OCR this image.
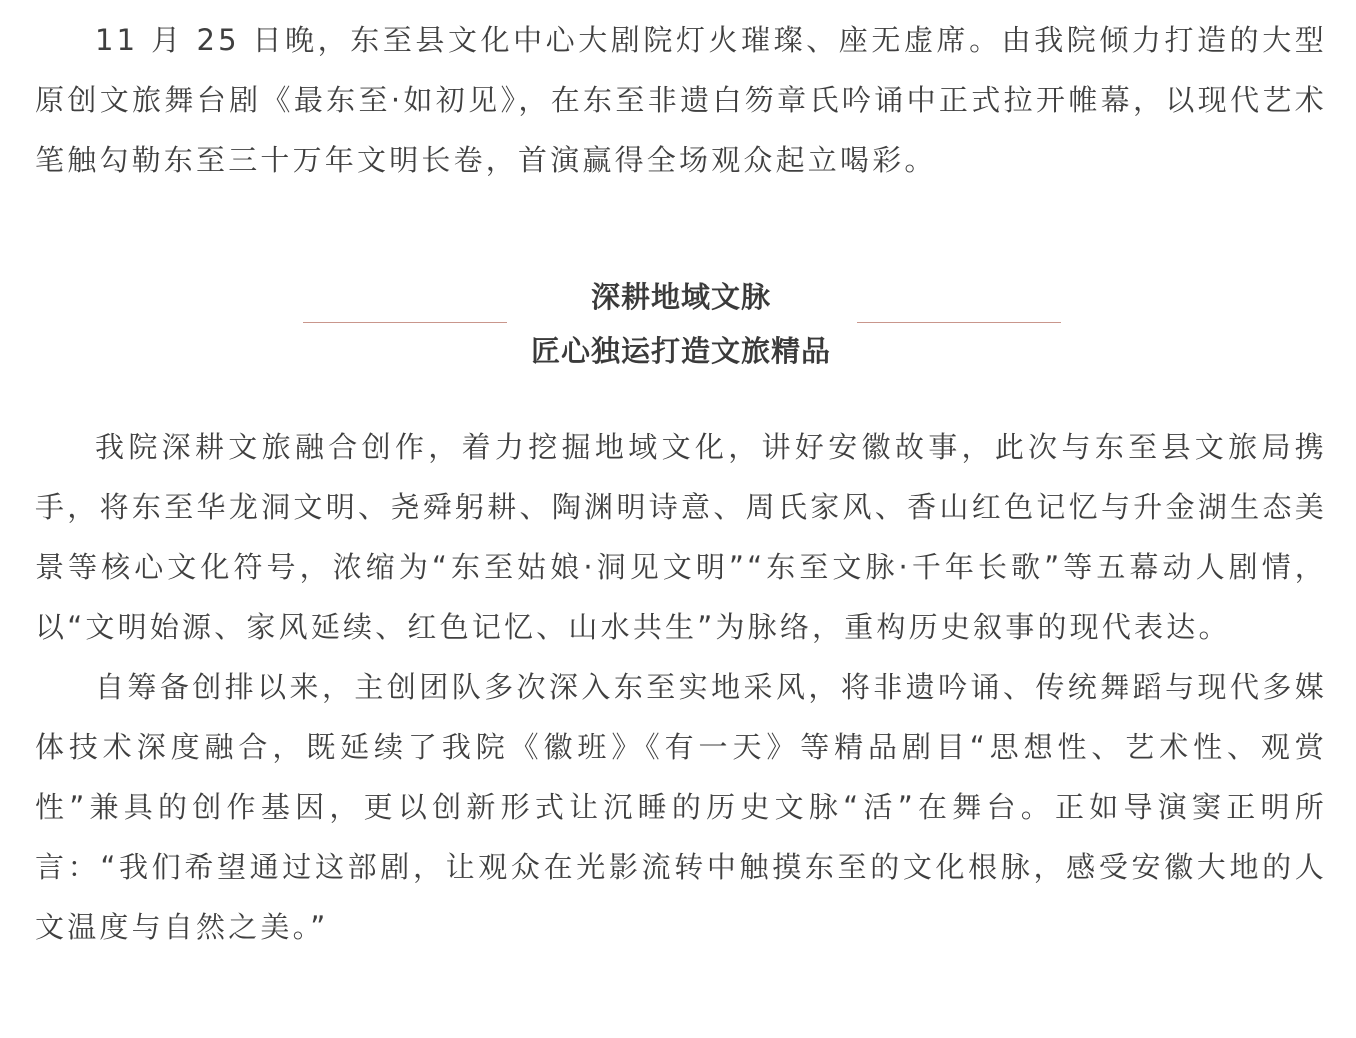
11 月 25 日晚，东至县文化中心大剧院灯火璀璨、座无虚席。由我院倾力打造的大型原创文旅舞台剧《最东至·如初见》，在东至非遗白笏章氏吟诵中正式拉开帷幕，以现代艺术笔触勾勒东至三十万年文明长卷，首演赢得全场观众起立喝彩。

深耕地域文脉
匠心独运打造文旅精品

我院深耕文旅融合创作，着力挖掘地域文化，讲好安徽故事，此次与东至县文旅局携手，将东至华龙洞文明、尧舜躬耕、陶渊明诗意、周氏家风、香山红色记忆与升金湖生态美景等核心文化符号，浓缩为“东至姑娘·洞见文明”“东至文脉·千年长歌”等五幕动人剧情，以“文明始源、家风延续、红色记忆、山水共生”为脉络，重构历史叙事的现代表达。

自筹备创排以来，主创团队多次深入东至实地采风，将非遗吟诵、传统舞蹈与现代多媒体技术深度融合，既延续了我院《徽班》《有一天》等精品剧目“思想性、艺术性、观赏性”兼具的创作基因，更以创新形式让沉睡的历史文脉“活”在舞台。正如导演窦正明所言：“我们希望通过这部剧，让观众在光影流转中触摸东至的文化根脉，感受安徽大地的人文温度与自然之美。”
